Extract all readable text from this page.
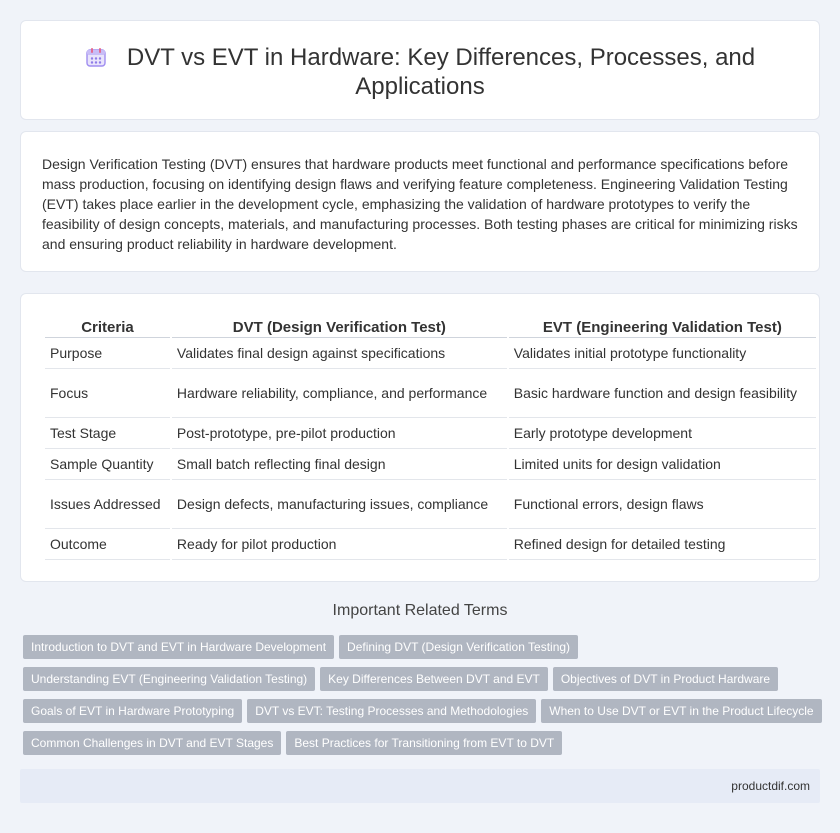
DVT vs EVT in Hardware: Key Differences, Processes, and Applications

Design Verification Testing (DVT) ensures that hardware products meet functional and performance specifications before mass production, focusing on identifying design flaws and verifying feature completeness. Engineering Validation Testing (EVT) takes place earlier in the development cycle, emphasizing the validation of hardware prototypes to verify the feasibility of design concepts, materials, and manufacturing processes. Both testing phases are critical for minimizing risks and ensuring product reliability in hardware development.

Criteria	DVT (Design Verification Test)	EVT (Engineering Validation Test)
Purpose	Validates final design against specifications	Validates initial prototype functionality
Focus	Hardware reliability, compliance, and performance	Basic hardware function and design feasibility
Test Stage	Post-prototype, pre-pilot production	Early prototype development
Sample Quantity	Small batch reflecting final design	Limited units for design validation
Issues Addressed	Design defects, manufacturing issues, compliance	Functional errors, design flaws
Outcome	Ready for pilot production	Refined design for detailed testing
Important Related Terms
Introduction to DVT and EVT in Hardware Development Defining DVT (Design Verification Testing)
Understanding EVT (Engineering Validation Testing) Key Differences Between DVT and EVT Objectives of DVT in Product Hardware
Goals of EVT in Hardware Prototyping DVT vs EVT: Testing Processes and Methodologies When to Use DVT or EVT in the Product Lifecycle
Common Challenges in DVT and EVT Stages Best Practices for Transitioning from EVT to DVT
productdif.com
